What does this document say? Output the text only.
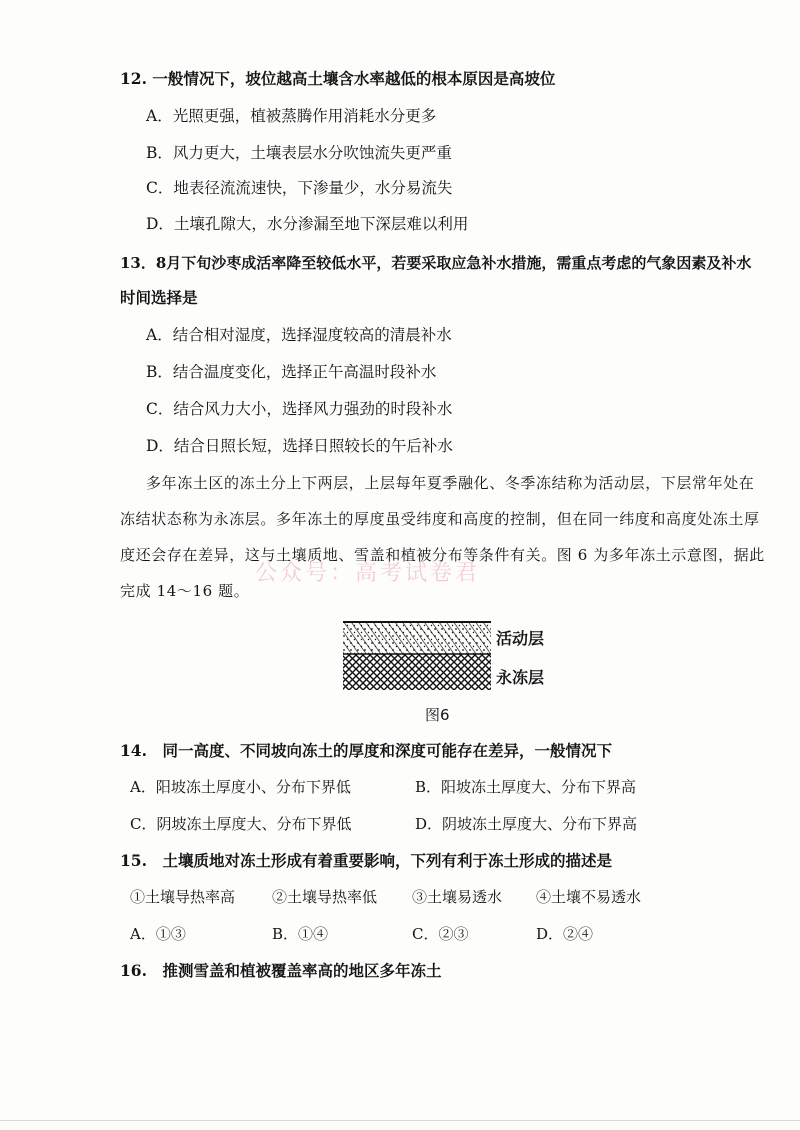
12. 一般情况下，坡位越高土壤含水率越低的根本原因是高坡位
A．光照更强，植被蒸腾作用消耗水分更多
B．风力更大，土壤表层水分吹蚀流失更严重
C．地表径流流速快，下渗量少，水分易流失
D．土壤孔隙大，水分渗漏至地下深层难以利用
13．8月下旬沙枣成活率降至较低水平，若要采取应急补水措施，需重点考虑的气象因素及补水
时间选择是
A．结合相对湿度，选择湿度较高的清晨补水
B．结合温度变化，选择正午高温时段补水
C．结合风力大小，选择风力强劲的时段补水
D．结合日照长短，选择日照较长的午后补水
多年冻土区的冻土分上下两层，上层每年夏季融化、冬季冻结称为活动层，下层常年处在
冻结状态称为永冻层。多年冻土的厚度虽受纬度和高度的控制，但在同一纬度和高度处冻土厚
度还会存在差异，这与土壤质地、雪盖和植被分布等条件有关。图 6 为多年冻土示意图，据此
完成 14～16 题。
公众号：高考试卷君
活动层
永冻层
图6
14.　同一高度、不同坡向冻土的厚度和深度可能存在差异，一般情况下
A．阳坡冻土厚度小、分布下界低	B．阳坡冻土厚度大、分布下界高
C．阴坡冻土厚度大、分布下界低	D．阴坡冻土厚度大、分布下界高
15.　土壤质地对冻土形成有着重要影响，下列有利于冻土形成的描述是
①土壤导热率高 ②土壤导热率低 ③土壤易透水 ④土壤不易透水
A．①③	B．①④	C．②③	D．②④
16.　推测雪盖和植被覆盖率高的地区多年冻土
